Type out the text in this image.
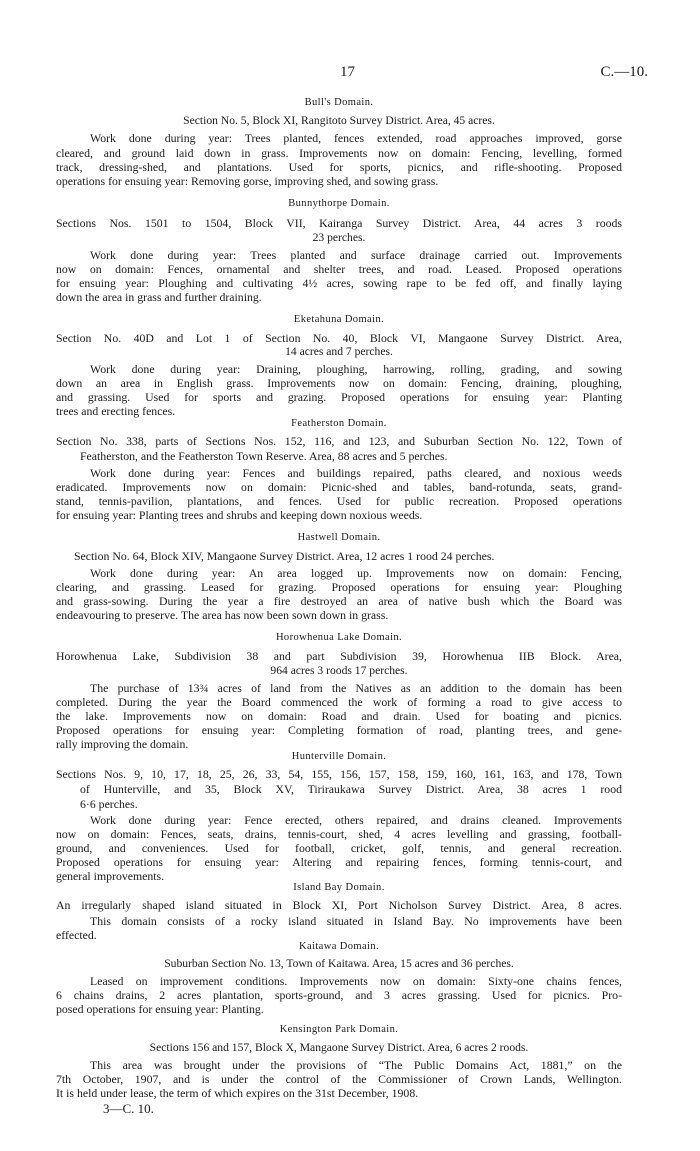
17	C.—10.
Bull's Domain.
Section No. 5, Block XI, Rangitoto Survey District. Area, 45 acres.
Work done during year: Trees planted, fences extended, road approaches improved, gorse
cleared, and ground laid down in grass. Improvements now on domain: Fencing, levelling, formed
track, dressing-shed, and plantations. Used for sports, picnics, and rifle-shooting. Proposed
operations for ensuing year: Removing gorse, improving shed, and sowing grass.
Bunnythorpe Domain.
Sections Nos. 1501 to 1504, Block VII, Kairanga Survey District. Area, 44 acres 3 roods
23 perches.
Work done during year: Trees planted and surface drainage carried out. Improvements
now on domain: Fences, ornamental and shelter trees, and road. Leased. Proposed operations
for ensuing year: Ploughing and cultivating 4½ acres, sowing rape to be fed off, and finally laying
down the area in grass and further draining.
Eketahuna Domain.
Section No. 40D and Lot 1 of Section No. 40, Block VI, Mangaone Survey District. Area,
14 acres and 7 perches.
Work done during year: Draining, ploughing, harrowing, rolling, grading, and sowing
down an area in English grass. Improvements now on domain: Fencing, draining, ploughing,
and grassing. Used for sports and grazing. Proposed operations for ensuing year: Planting
trees and erecting fences.
Featherston Domain.
Section No. 338, parts of Sections Nos. 152, 116, and 123, and Suburban Section No. 122, Town of
Featherston, and the Featherston Town Reserve. Area, 88 acres and 5 perches.
Work done during year: Fences and buildings repaired, paths cleared, and noxious weeds
eradicated. Improvements now on domain: Picnic-shed and tables, band-rotunda, seats, grand-
stand, tennis-pavilion, plantations, and fences. Used for public recreation. Proposed operations
for ensuing year: Planting trees and shrubs and keeping down noxious weeds.
Hastwell Domain.
Section No. 64, Block XIV, Mangaone Survey District. Area, 12 acres 1 rood 24 perches.
Work done during year: An area logged up. Improvements now on domain: Fencing,
clearing, and grassing. Leased for grazing. Proposed operations for ensuing year: Ploughing
and grass-sowing. During the year a fire destroyed an area of native bush which the Board was
endeavouring to preserve. The area has now been sown down in grass.
Horowhenua Lake Domain.
Horowhenua Lake, Subdivision 38 and part Subdivision 39, Horowhenua IIB Block. Area,
964 acres 3 roods 17 perches.
The purchase of 13¾ acres of land from the Natives as an addition to the domain has been
completed. During the year the Board commenced the work of forming a road to give access to
the lake. Improvements now on domain: Road and drain. Used for boating and picnics.
Proposed operations for ensuing year: Completing formation of road, planting trees, and gene-
rally improving the domain.
Hunterville Domain.
Sections Nos. 9, 10, 17, 18, 25, 26, 33, 54, 155, 156, 157, 158, 159, 160, 161, 163, and 178, Town
of Hunterville, and 35, Block XV, Tiriraukawa Survey District. Area, 38 acres 1 rood
6·6 perches.
Work done during year: Fence erected, others repaired, and drains cleaned. Improvements
now on domain: Fences, seats, drains, tennis-court, shed, 4 acres levelling and grassing, football-
ground, and conveniences. Used for football, cricket, golf, tennis, and general recreation.
Proposed operations for ensuing year: Altering and repairing fences, forming tennis-court, and
general improvements.
Island Bay Domain.
An irregularly shaped island situated in Block XI, Port Nicholson Survey District. Area, 8 acres.
This domain consists of a rocky island situated in Island Bay. No improvements have been
effected.
Kaitawa Domain.
Suburban Section No. 13, Town of Kaitawa. Area, 15 acres and 36 perches.
Leased on improvement conditions. Improvements now on domain: Sixty-one chains fences,
6 chains drains, 2 acres plantation, sports-ground, and 3 acres grassing. Used for picnics. Pro-
posed operations for ensuing year: Planting.
Kensington Park Domain.
Sections 156 and 157, Block X, Mangaone Survey District. Area, 6 acres 2 roods.
This area was brought under the provisions of “The Public Domains Act, 1881,” on the
7th October, 1907, and is under the control of the Commissioner of Crown Lands, Wellington.
It is held under lease, the term of which expires on the 31st December, 1908.
3—C. 10.
